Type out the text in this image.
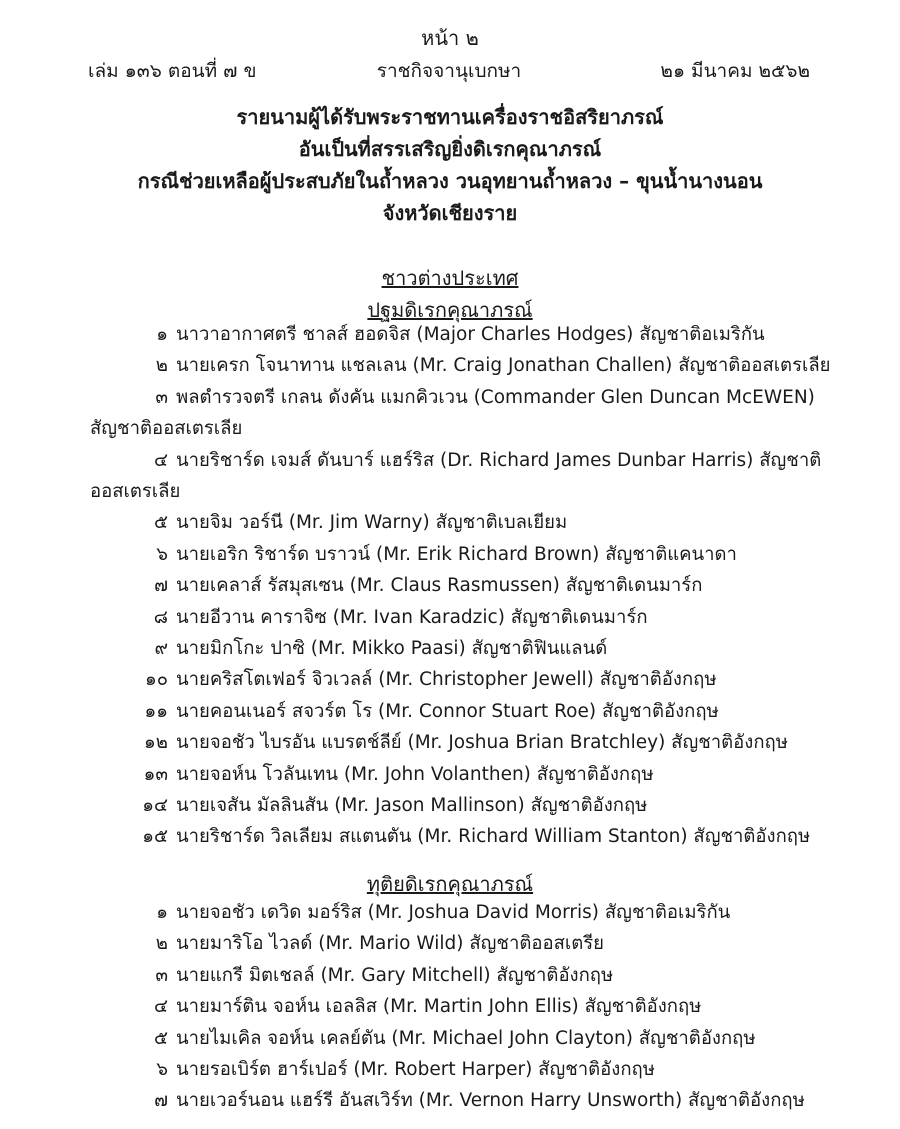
หน้า ๒
เล่ม ๑๓๖ ตอนที่ ๗ ข	ราชกิจจานุเบกษา	๒๑ มีนาคม ๒๕๖๒
รายนามผู้ได้รับพระราชทานเครื่องราชอิสริยาภรณ์
อันเป็นที่สรรเสริญยิ่งดิเรกคุณาภรณ์
กรณีช่วยเหลือผู้ประสบภัยในถ้ำหลวง วนอุทยานถ้ำหลวง – ขุนน้ำนางนอน
จังหวัดเชียงราย
ชาวต่างประเทศ
ปฐมดิเรกคุณาภรณ์
ทุติยดิเรกคุณาภรณ์
๑ นาวาอากาศตรี ชาลส์ ฮอดจิส (Major Charles Hodges) สัญชาติอเมริกัน
๒ นายเครก โจนาทาน แชลเลน (Mr. Craig Jonathan Challen) สัญชาติออสเตรเลีย
๓ พลตำรวจตรี เกลน ดังคัน แมกคิวเวน (Commander Glen Duncan McEWEN)
สัญชาติออสเตรเลีย
๔ นายริชาร์ด เจมส์ ดันบาร์ แฮร์ริส (Dr. Richard James Dunbar Harris) สัญชาติ
ออสเตรเลีย
๕ นายจิม วอร์นี (Mr. Jim Warny) สัญชาติเบลเยียม
๖ นายเอริก ริชาร์ด บราวน์ (Mr. Erik Richard Brown) สัญชาติแคนาดา
๗ นายเคลาส์ รัสมุสเซน (Mr. Claus Rasmussen) สัญชาติเดนมาร์ก
๘ นายอีวาน คาราจิซ (Mr. Ivan Karadzic) สัญชาติเดนมาร์ก
๙ นายมิกโกะ ปาซิ (Mr. Mikko Paasi) สัญชาติฟินแลนด์
๑๐ นายคริสโตเฟอร์ จิวเวลล์ (Mr. Christopher Jewell) สัญชาติอังกฤษ
๑๑ นายคอนเนอร์ สจวร์ต โร (Mr. Connor Stuart Roe) สัญชาติอังกฤษ
๑๒ นายจอชัว ไบรอัน แบรตช์ลีย์ (Mr. Joshua Brian Bratchley) สัญชาติอังกฤษ
๑๓ นายจอห์น โวลันเทน (Mr. John Volanthen) สัญชาติอังกฤษ
๑๔ นายเจสัน มัลลินสัน (Mr. Jason Mallinson) สัญชาติอังกฤษ
๑๕ นายริชาร์ด วิลเลียม สแตนตัน (Mr. Richard William Stanton) สัญชาติอังกฤษ
๑ นายจอชัว เดวิด มอร์ริส (Mr. Joshua David Morris) สัญชาติอเมริกัน
๒ นายมาริโอ ไวลด์ (Mr. Mario Wild) สัญชาติออสเตรีย
๓ นายแกรี มิตเชลล์ (Mr. Gary Mitchell) สัญชาติอังกฤษ
๔ นายมาร์ติน จอห์น เอลลิส (Mr. Martin John Ellis) สัญชาติอังกฤษ
๕ นายไมเคิล จอห์น เคลย์ตัน (Mr. Michael John Clayton) สัญชาติอังกฤษ
๖ นายรอเบิร์ต ฮาร์เปอร์ (Mr. Robert Harper) สัญชาติอังกฤษ
๗ นายเวอร์นอน แฮร์รี อันสเวิร์ท (Mr. Vernon Harry Unsworth) สัญชาติอังกฤษ
